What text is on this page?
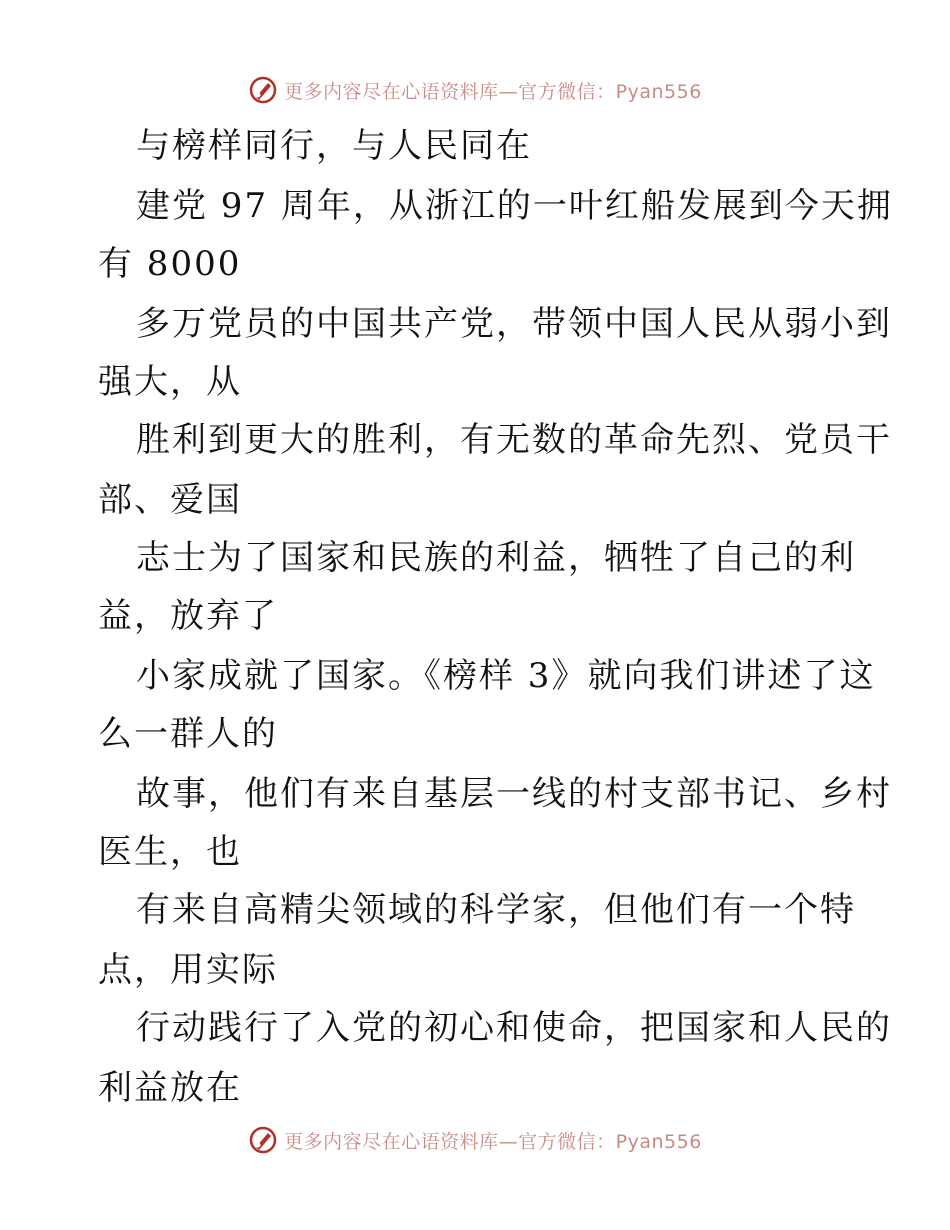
更多内容尽在心语资料库—官方微信：Pyan556
与榜样同行，与人民同在
建党 97 周年，从浙江的一叶红船发展到今天拥
有 8000
多万党员的中国共产党，带领中国人民从弱小到
强大，从
胜利到更大的胜利，有无数的革命先烈、党员干
部、爱国
志士为了国家和民族的利益，牺牲了自己的利
益，放弃了
小家成就了国家。《榜样 3》就向我们讲述了这
么一群人的
故事，他们有来自基层一线的村支部书记、乡村
医生，也
有来自高精尖领域的科学家，但他们有一个特
点，用实际
行动践行了入党的初心和使命，把国家和人民的
利益放在
更多内容尽在心语资料库—官方微信：Pyan556
